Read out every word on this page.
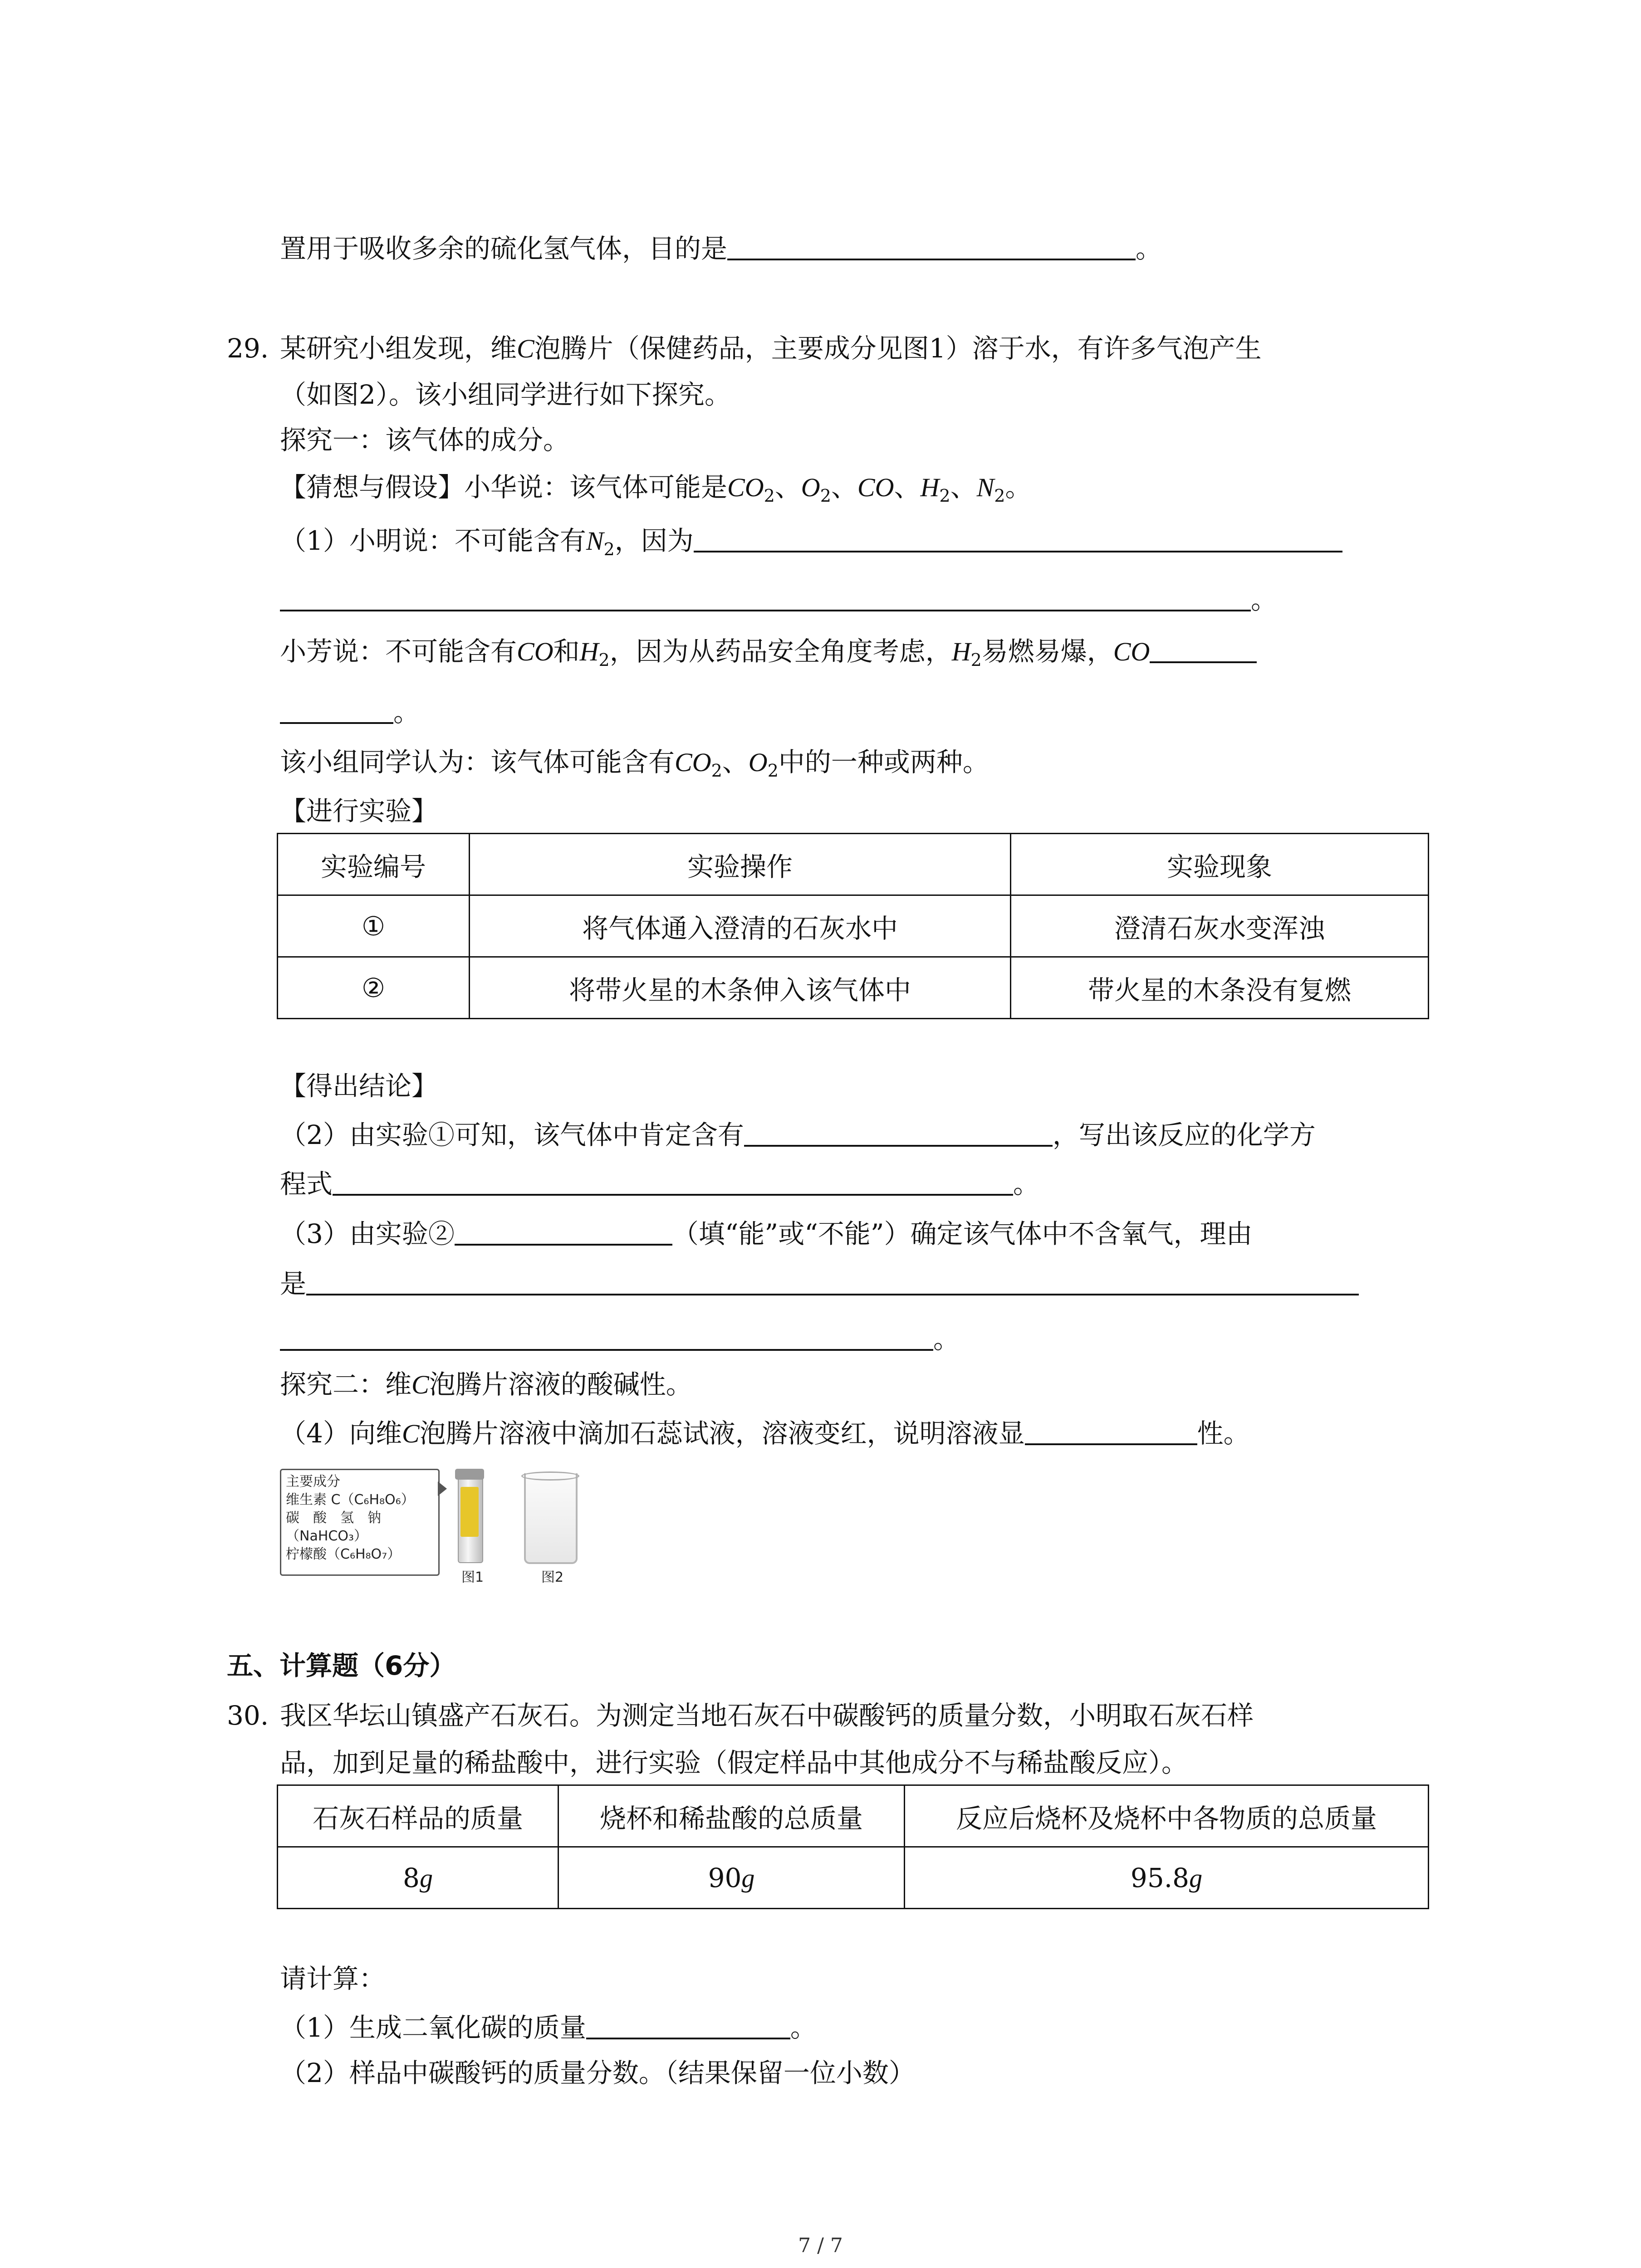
置用于吸收多余的硫化氢气体，目的是	。
29. 某研究小组发现，维C泡腾片（保健药品，主要成分见图1）溶于水，有许多气泡产生
（如图2）。该小组同学进行如下探究。
探究一：该气体的成分。
【猜想与假设】小华说：该气体可能是$CO_2$、$O_2$、CO、$H_2$、$N_2$。
（1）小明说：不可能含有$N_2$，因为
。
小芳说：不可能含有CO和$H_2$，因为从药品安全角度考虑，$H_2$易燃易爆，CO
。
该小组同学认为：该气体可能含有$CO_2$、$O_2$中的一种或两种。
【进行实验】
实验编号	实验操作	实验现象
①	将气体通入澄清的石灰水中	澄清石灰水变浑浊
②	将带火星的木条伸入该气体中	带火星的木条没有复燃
【得出结论】
（2）由实验①可知，该气体中肯定含有	，写出该反应的化学方
程式	。
（3）由实验②	（填“能”或“不能”）确定该气体中不含氧气，理由
是
。
探究二：维C泡腾片溶液的酸碱性。
（4）向维C泡腾片溶液中滴加石蕊试液，溶液变红，说明溶液显	性。
主要成分
维生素 C（C₆H₈O₆）
碳　酸　氢　钠
（NaHCO₃）
柠檬酸（C₆H₈O₇）
图1	图2
五、计算题（6分）
30. 我区华坛山镇盛产石灰石。为测定当地石灰石中碳酸钙的质量分数，小明取石灰石样
品，加到足量的稀盐酸中，进行实验（假定样品中其他成分不与稀盐酸反应）。
石灰石样品的质量	烧杯和稀盐酸的总质量	反应后烧杯及烧杯中各物质的总质量
8g	90g	95.8g
请计算：
（1）生成二氧化碳的质量	。
（2）样品中碳酸钙的质量分数。（结果保留一位小数）
7 / 7
